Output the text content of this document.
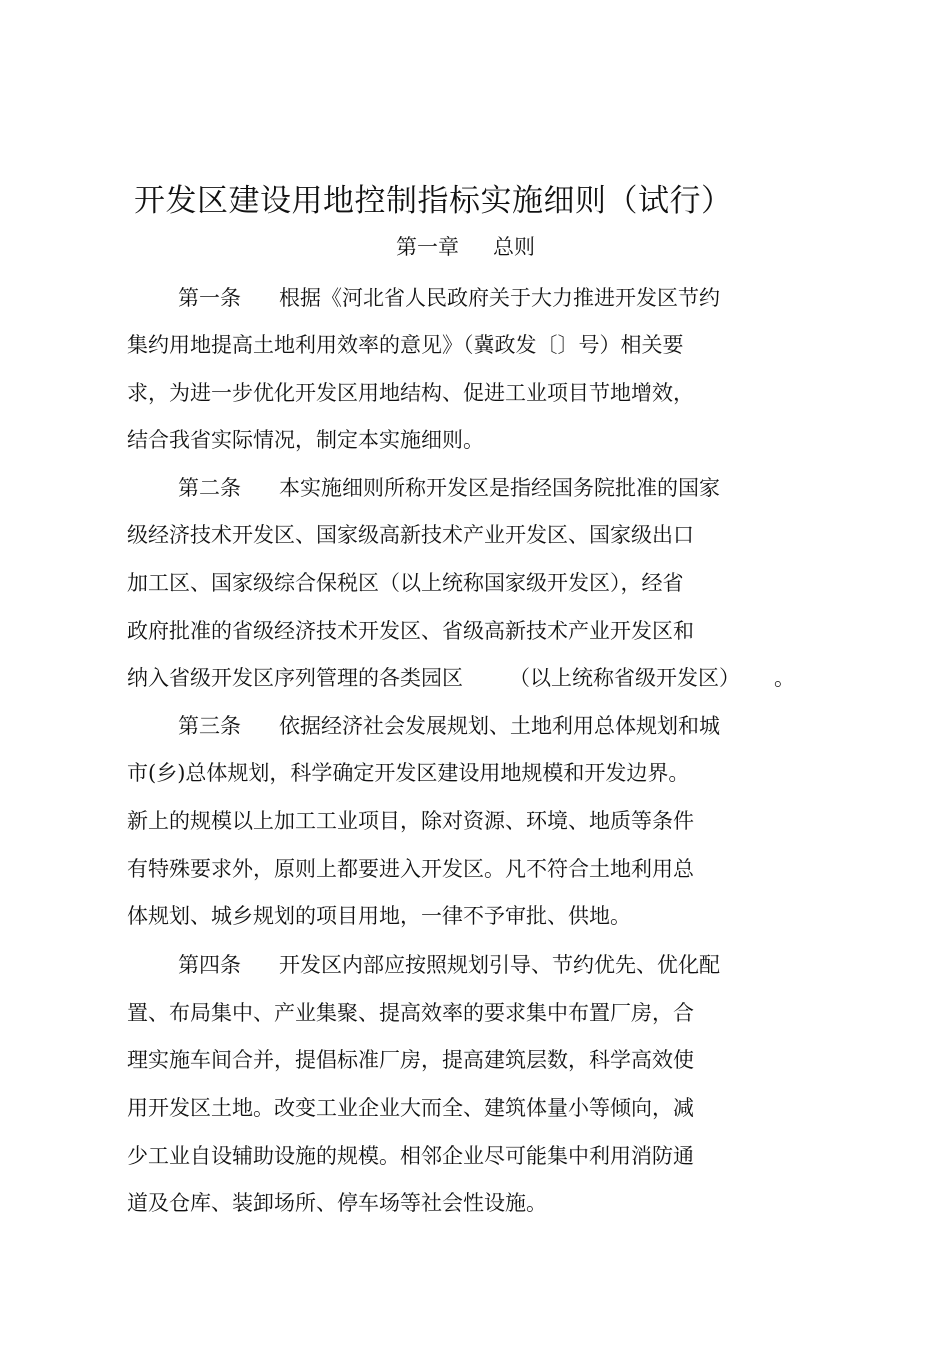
开发区建设用地控制指标实施细则（试行）
第一章 总则
第一条 根据《河北省人民政府关于大力推进开发区节约
集约用地提高土地利用效率的意见》（冀政发〔〕号）相关要
求，为进一步优化开发区用地结构、促进工业项目节地增效，
结合我省实际情况，制定本实施细则。
第二条 本实施细则所称开发区是指经国务院批准的国家
级经济技术开发区、国家级高新技术产业开发区、国家级出口
加工区、国家级综合保税区（以上统称国家级开发区），经省
政府批准的省级经济技术开发区、省级高新技术产业开发区和
纳入省级开发区序列管理的各类园区 （以上统称省级开发区） 。
第三条 依据经济社会发展规划、土地利用总体规划和城
市(乡)总体规划，科学确定开发区建设用地规模和开发边界。
新上的规模以上加工工业项目，除对资源、环境、地质等条件
有特殊要求外，原则上都要进入开发区。凡不符合土地利用总
体规划、城乡规划的项目用地，一律不予审批、供地。
第四条 开发区内部应按照规划引导、节约优先、优化配
置、布局集中、产业集聚、提高效率的要求集中布置厂房，合
理实施车间合并，提倡标准厂房，提高建筑层数，科学高效使
用开发区土地。改变工业企业大而全、建筑体量小等倾向，减
少工业自设辅助设施的规模。相邻企业尽可能集中利用消防通
道及仓库、装卸场所、停车场等社会性设施。
